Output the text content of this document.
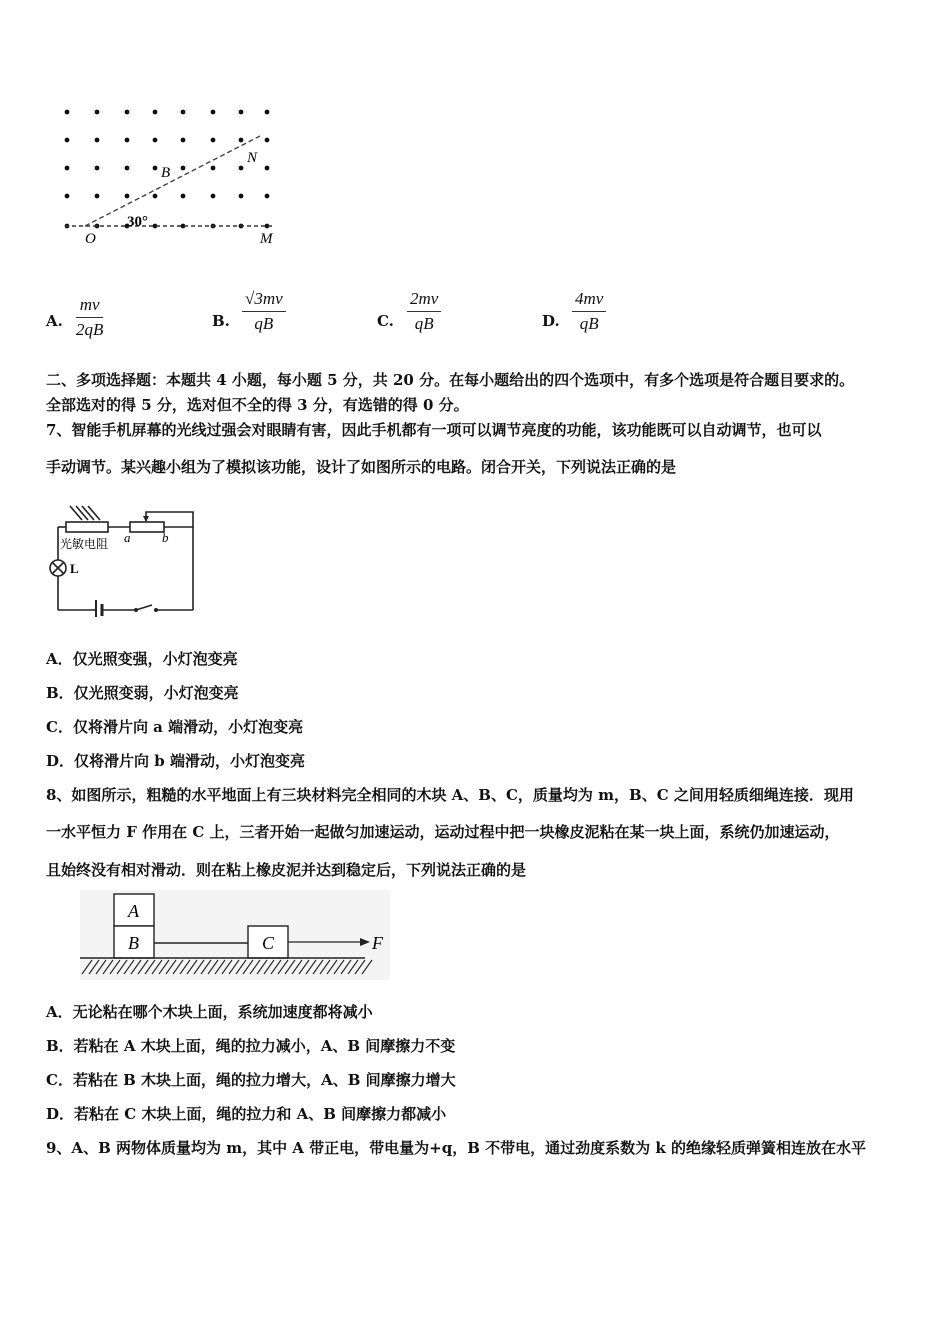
B
N
O	M
30°
A. $\frac{mv}{2qB}$	B. $\frac{√3mv}{qB}$	C. $\frac{2mv}{qB}$	D. $\frac{4mv}{qB}$
二、多项选择题：本题共 4 小题，每小题 5 分，共 20 分。在每小题给出的四个选项中，有多个选项是符合题目要求的。
全部选对的得 5 分，选对但不全的得 3 分，有选错的得 0 分。
7、智能手机屏幕的光线过强会对眼睛有害，因此手机都有一项可以调节亮度的功能，该功能既可以自动调节，也可以
手动调节。某兴趣小组为了模拟该功能，设计了如图所示的电路。闭合开关，下列说法正确的是
光敏电阻
L
a b
A．仅光照变强，小灯泡变亮
B．仅光照变弱，小灯泡变亮
C．仅将滑片向 a 端滑动，小灯泡变亮
D．仅将滑片向 b 端滑动，小灯泡变亮
8、如图所示，粗糙的水平地面上有三块材料完全相同的木块 A、B、C，质量均为 m，B、C 之间用轻质细绳连接．现用
一水平恒力 F 作用在 C 上，三者开始一起做匀加速运动，运动过程中把一块橡皮泥粘在某一块上面，系统仍加速运动，
且始终没有相对滑动．则在粘上橡皮泥并达到稳定后，下列说法正确的是
A
B	C	F
A．无论粘在哪个木块上面，系统加速度都将减小
B．若粘在 A 木块上面，绳的拉力减小，A、B 间摩擦力不变
C．若粘在 B 木块上面，绳的拉力增大，A、B 间摩擦力增大
D．若粘在 C 木块上面，绳的拉力和 A、B 间摩擦力都减小
9、A、B 两物体质量均为 m，其中 A 带正电，带电量为+q，B 不带电，通过劲度系数为 k 的绝缘轻质弹簧相连放在水平
